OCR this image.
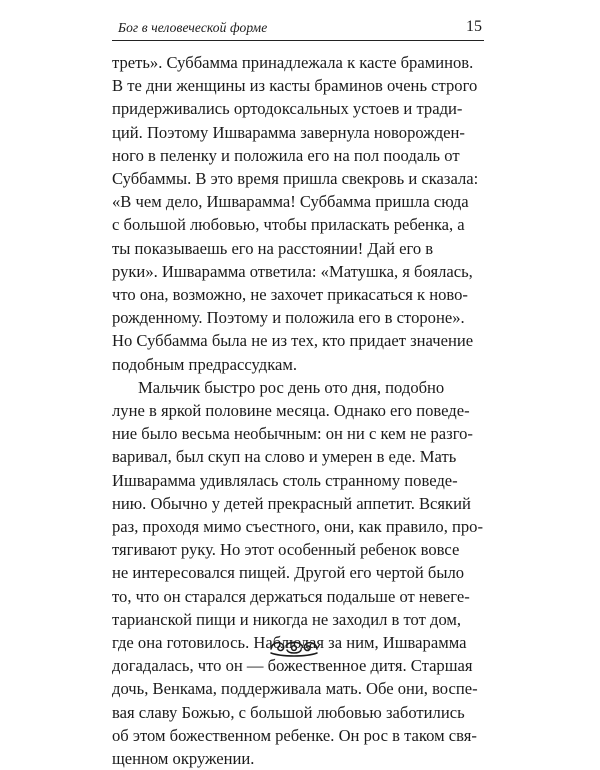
Бог в человеческой форме	15

треть». Суббамма принадлежала к касте браминов.
В те дни женщины из касты браминов очень строго
придерживались ортодоксальных устоев и тради-
ций. Поэтому Ишварамма завернула новорожден-
ного в пеленку и положила его на пол поодаль от
Суббаммы. В это время пришла свекровь и сказала:
«В чем дело, Ишварамма! Суббамма пришла сюда
с большой любовью, чтобы приласкать ребенка, а
ты показываешь его на расстоянии! Дай его в
руки». Ишварамма ответила: «Матушка, я боялась,
что она, возможно, не захочет прикасаться к ново-
рожденному. Поэтому и положила его в стороне».
Но Суббамма была не из тех, кто придает значение
подобным предрассудкам.

Мальчик быстро рос день ото дня, подобно
луне в яркой половине месяца. Однако его поведе-
ние было весьма необычным: он ни с кем не разго-
варивал, был скуп на слово и умерен в еде. Мать
Ишварамма удивлялась столь странному поведе-
нию. Обычно у детей прекрасный аппетит. Всякий
раз, проходя мимо съестного, они, как правило, про-
тягивают руку. Но этот особенный ребенок вовсе
не интересовался пищей. Другой его чертой было
то, что он старался держаться подальше от невеге-
тарианской пищи и никогда не заходил в тот дом,
где она готовилось. Наблюдая за ним, Ишварамма
догадалась, что он — божественное дитя. Старшая
дочь, Венкама, поддерживала мать. Обе они, воспе-
вая славу Божью, с большой любовью заботились
об этом божественном ребенке. Он рос в таком свя-
щенном окружении.
